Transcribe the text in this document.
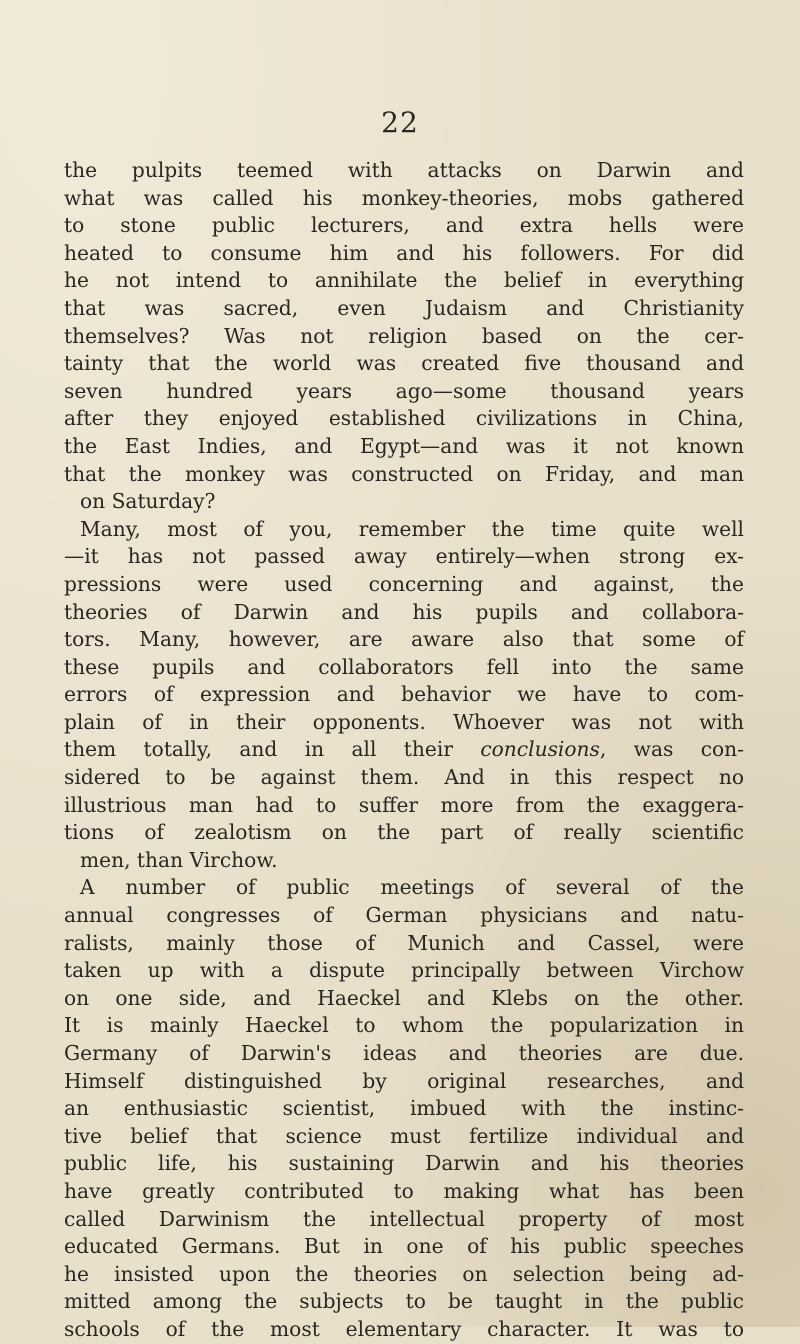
22
the pulpits teemed with attacks on Darwin and
what was called his monkey-theories, mobs gathered
to stone public lecturers, and extra hells were
heated to consume him and his followers. For did
he not intend to annihilate the belief in everything
that was sacred, even Judaism and Christianity
themselves? Was not religion based on the cer-
tainty that the world was created five thousand and
seven hundred years ago—some thousand years
after they enjoyed established civilizations in China,
the East Indies, and Egypt—and was it not known
that the monkey was constructed on Friday, and man
on Saturday?
Many, most of you, remember the time quite well
—it has not passed away entirely—when strong ex-
pressions were used concerning and against, the
theories of Darwin and his pupils and collabora-
tors. Many, however, are aware also that some of
these pupils and collaborators fell into the same
errors of expression and behavior we have to com-
plain of in their opponents. Whoever was not with
them totally, and in all their conclusions, was con-
sidered to be against them. And in this respect no
illustrious man had to suffer more from the exaggera-
tions of zealotism on the part of really scientific
men, than Virchow.
A number of public meetings of several of the
annual congresses of German physicians and natu-
ralists, mainly those of Munich and Cassel, were
taken up with a dispute principally between Virchow
on one side, and Haeckel and Klebs on the other.
It is mainly Haeckel to whom the popularization in
Germany of Darwin's ideas and theories are due.
Himself distinguished by original researches, and
an enthusiastic scientist, imbued with the instinc-
tive belief that science must fertilize individual and
public life, his sustaining Darwin and his theories
have greatly contributed to making what has been
called Darwinism the intellectual property of most
educated Germans. But in one of his public speeches
he insisted upon the theories on selection being ad-
mitted among the subjects to be taught in the public
schools of the most elementary character. It was to
